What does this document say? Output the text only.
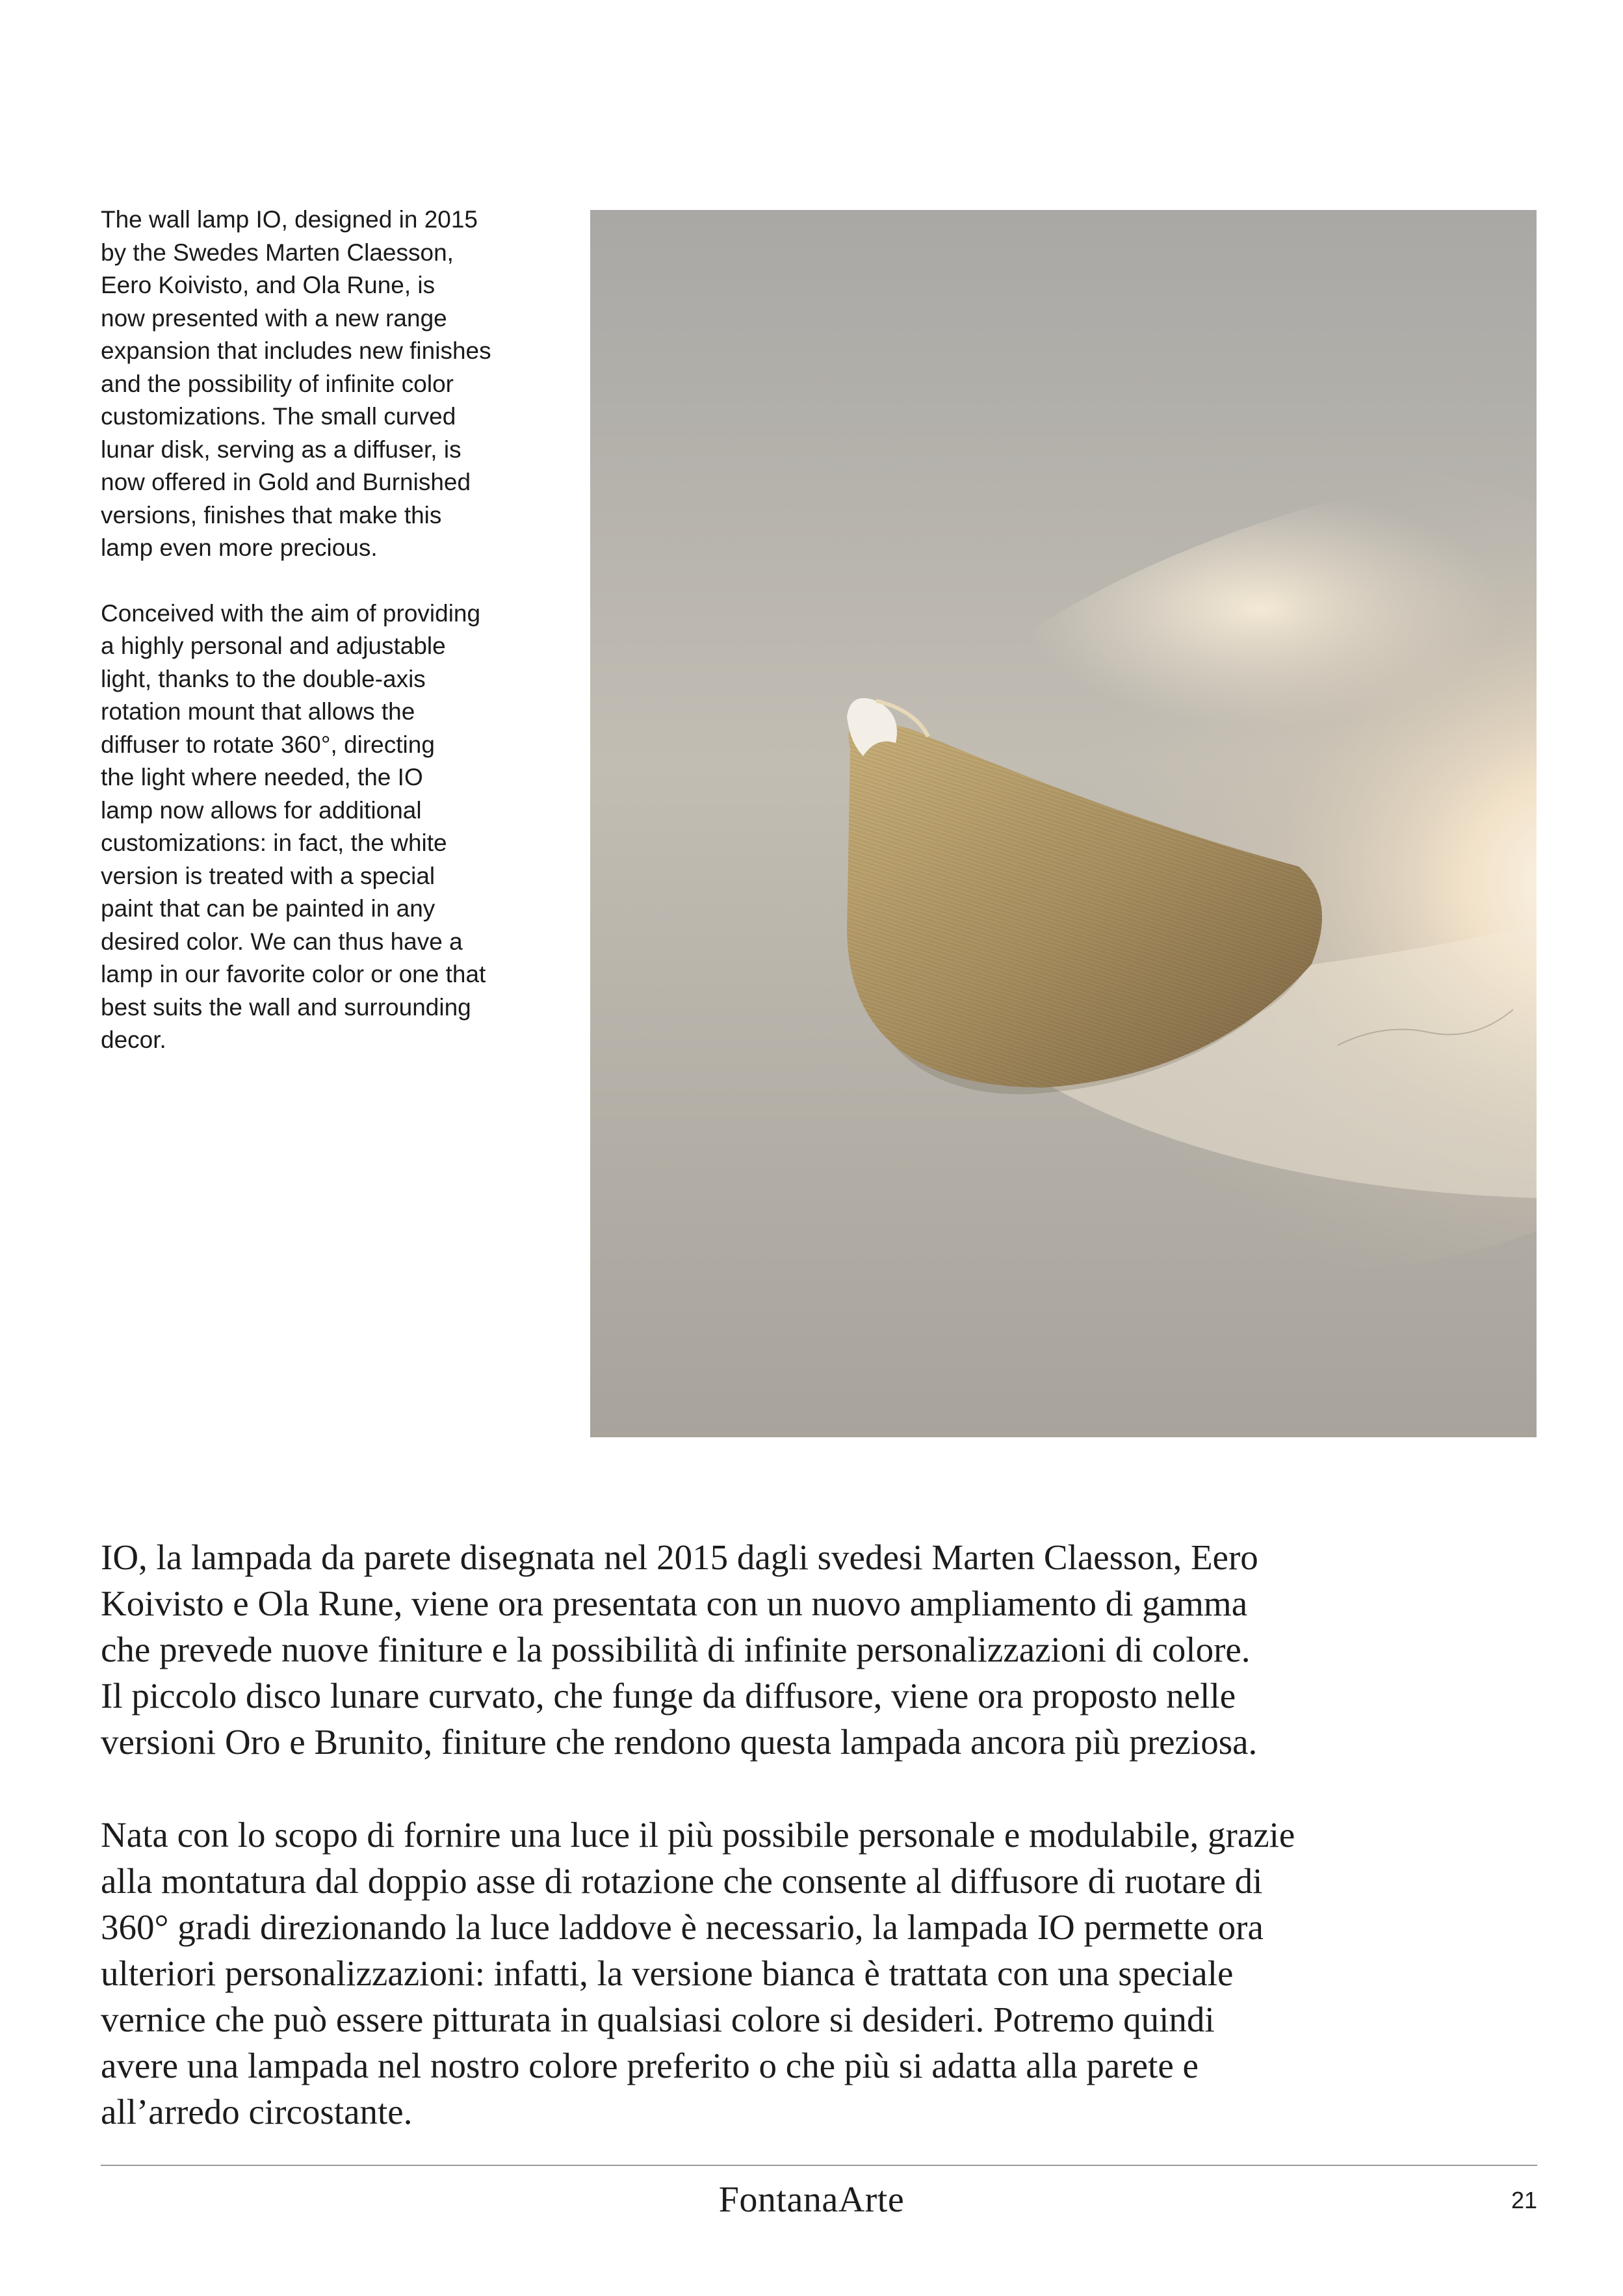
The wall lamp IO, designed in 2015
by the Swedes Marten Claesson,
Eero Koivisto, and Ola Rune, is
now presented with a new range
expansion that includes new finishes
and the possibility of infinite color
customizations. The small curved
lunar disk, serving as a diffuser, is
now offered in Gold and Burnished
versions, finishes that make this
lamp even more precious.

Conceived with the aim of providing
a highly personal and adjustable
light, thanks to the double-axis
rotation mount that allows the
diffuser to rotate 360°, directing
the light where needed, the IO
lamp now allows for additional
customizations: in fact, the white
version is treated with a special
paint that can be painted in any
desired color. We can thus have a
lamp in our favorite color or one that
best suits the wall and surrounding
decor.

IO, la lampada da parete disegnata nel 2015 dagli svedesi Marten Claesson, Eero
Koivisto e Ola Rune, viene ora presentata con un nuovo ampliamento di gamma
che prevede nuove finiture e la possibilità di infinite personalizzazioni di colore.
Il piccolo disco lunare curvato, che funge da diffusore, viene ora proposto nelle
versioni Oro e Brunito, finiture che rendono questa lampada ancora più preziosa.

Nata con lo scopo di fornire una luce il più possibile personale e modulabile, grazie
alla montatura dal doppio asse di rotazione che consente al diffusore di ruotare di
360° gradi direzionando la luce laddove è necessario, la lampada IO permette ora
ulteriori personalizzazioni: infatti, la versione bianca è trattata con una speciale
vernice che può essere pitturata in qualsiasi colore si desideri. Potremo quindi
avere una lampada nel nostro colore preferito o che più si adatta alla parete e
all’arredo circostante.

FontanaArte	21
